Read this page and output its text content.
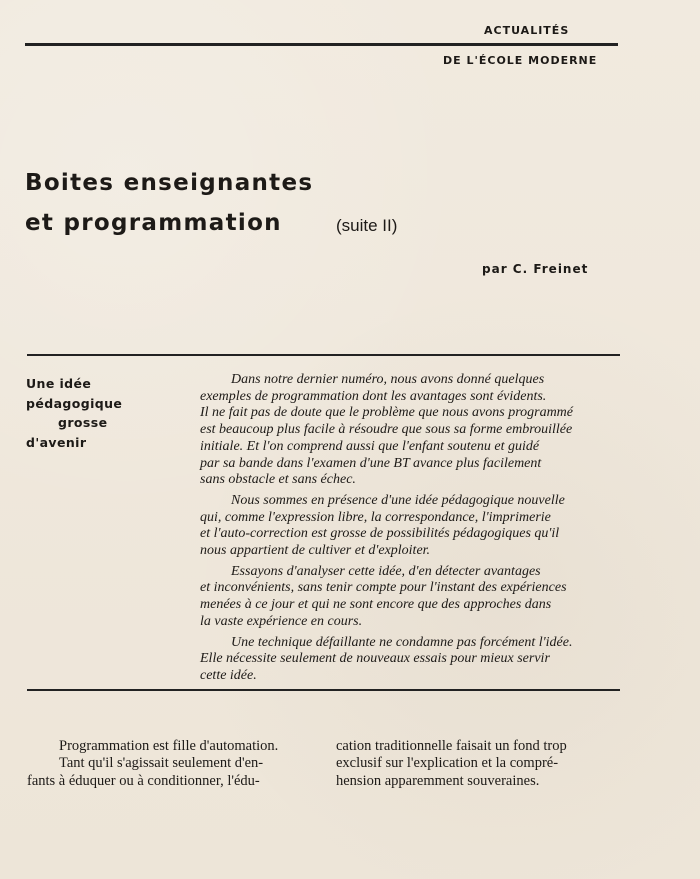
ACTUALITÉS
DE L'ÉCOLE MODERNE
Boites enseignantes
et programmation	(suite II)
par C. Freinet
Une idée
pédagogique
grosse
d'avenir

Dans notre dernier numéro, nous avons donné quelques
exemples de programmation dont les avantages sont évidents.
Il ne fait pas de doute que le problème que nous avons programmé
est beaucoup plus facile à résoudre que sous sa forme embrouillée
initiale. Et l'on comprend aussi que l'enfant soutenu et guidé
par sa bande dans l'examen d'une BT avance plus facilement
sans obstacle et sans échec.

Nous sommes en présence d'une idée pédagogique nouvelle
qui, comme l'expression libre, la correspondance, l'imprimerie
et l'auto-correction est grosse de possibilités pédagogiques qu'il
nous appartient de cultiver et d'exploiter.

Essayons d'analyser cette idée, d'en détecter avantages
et inconvénients, sans tenir compte pour l'instant des expériences
menées à ce jour et qui ne sont encore que des approches dans
la vaste expérience en cours.

Une technique défaillante ne condamne pas forcément l'idée.
Elle nécessite seulement de nouveaux essais pour mieux servir
cette idée.

Programmation est fille d'automation.
Tant qu'il s'agissait seulement d'en-
fants à éduquer ou à conditionner, l'édu-
cation traditionnelle faisait un fond trop
exclusif sur l'explication et la compré-
hension apparemment souveraines.
